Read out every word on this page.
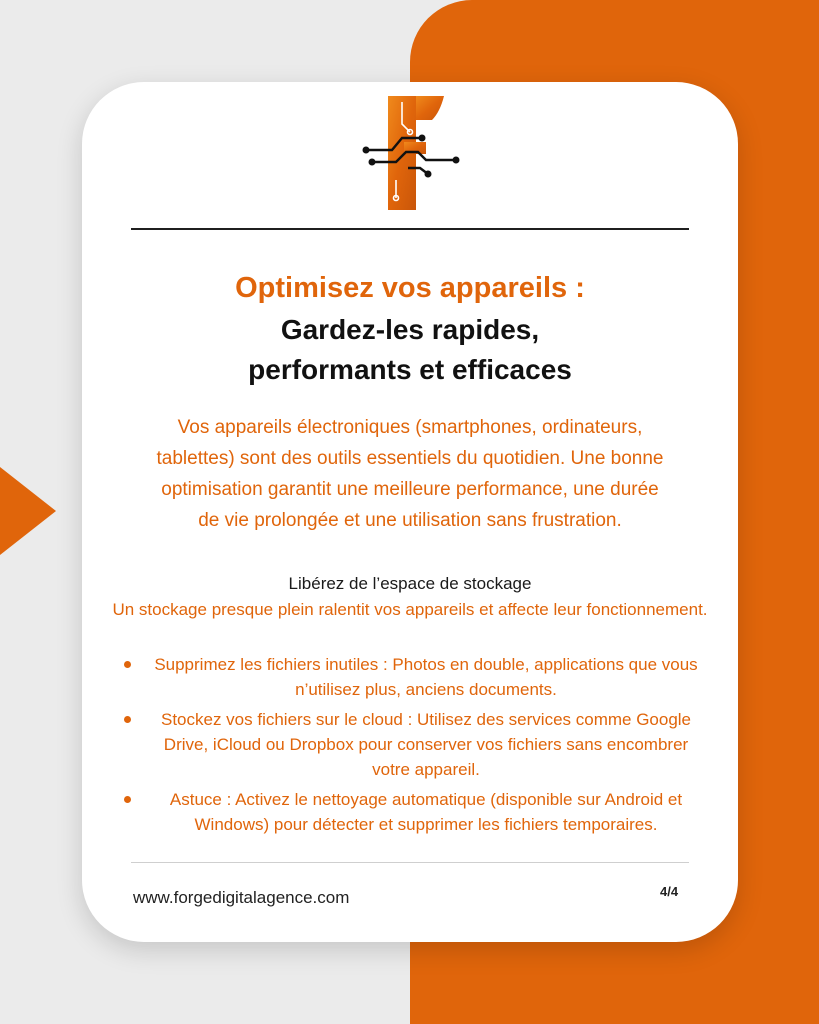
Optimisez vos appareils :
Gardez-les rapides,
performants et efficaces
Vos appareils électroniques (smartphones, ordinateurs, tablettes) sont des outils essentiels du quotidien. Une bonne optimisation garantit une meilleure performance, une durée de vie prolongée et une utilisation sans frustration.
Libérez de l’espace de stockage
Un stockage presque plein ralentit vos appareils et affecte leur fonctionnement.
Supprimez les fichiers inutiles : Photos en double, applications que vous n’utilisez plus, anciens documents.
Stockez vos fichiers sur le cloud : Utilisez des services comme Google Drive, iCloud ou Dropbox pour conserver vos fichiers sans encombrer votre appareil.
Astuce : Activez le nettoyage automatique (disponible sur Android et Windows) pour détecter et supprimer les fichiers temporaires.
www.forgedigitalagence.com	4/4
